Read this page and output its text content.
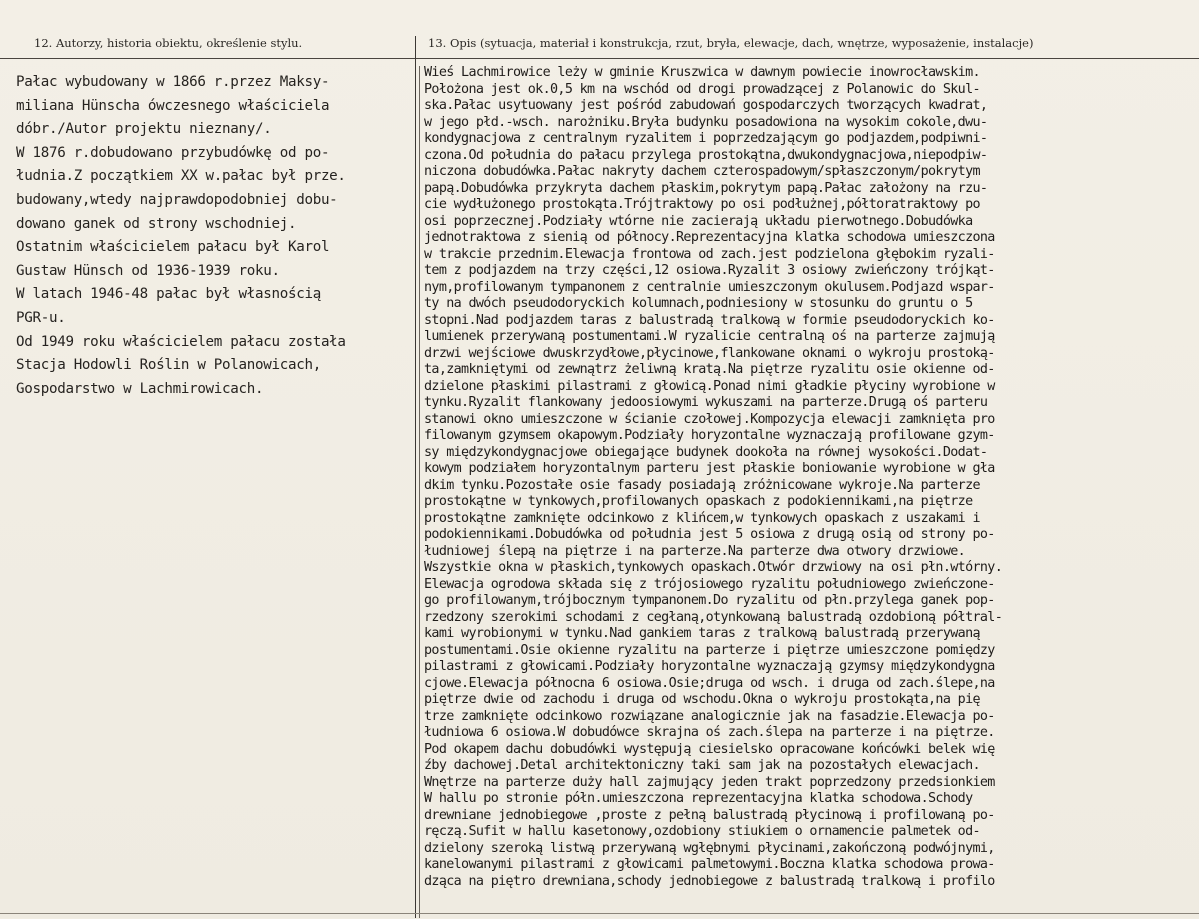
12. Autorzy, historia obiektu, określenie stylu.	13. Opis (sytuacja, materiał i konstrukcja, rzut, bryła, elewacje, dach, wnętrze, wyposażenie, instalacje)
Pałac wybudowany w 1866 r.przez Maksy-
miliana Hünscha ówczesnego właściciela
dóbr./Autor projektu nieznany/.
W 1876 r.dobudowano przybudówkę od po-
łudnia.Z początkiem XX w.pałac był prze.
budowany,wtedy najprawdopodobniej dobu-
dowano ganek od strony wschodniej.
Ostatnim właścicielem pałacu był Karol
Gustaw Hünsch od 1936-1939 roku.
W latach 1946-48 pałac był własnością
PGR-u.
Od 1949 roku właścicielem pałacu została
Stacja Hodowli Roślin w Polanowicach,
Gospodarstwo w Lachmirowicach.
Wieś Lachmirowice leży w gminie Kruszwica w dawnym powiecie inowrocławskim.
Położona jest ok.0,5 km na wschód od drogi prowadzącej z Polanowic do Skul-
ska.Pałac usytuowany jest pośród zabudowań gospodarczych tworzących kwadrat,
w jego płd.-wsch. narożniku.Bryła budynku posadowiona na wysokim cokole,dwu-
kondygnacjowa z centralnym ryzalitem i poprzedzającym go podjazdem,podpiwni-
czona.Od południa do pałacu przylega prostokątna,dwukondygnacjowa,niepodpiw-
niczona dobudówka.Pałac nakryty dachem czterospadowym/spłaszczonym/pokrytym
papą.Dobudówka przykryta dachem płaskim,pokrytym papą.Pałac założony na rzu-
cie wydłużonego prostokąta.Trójtraktowy po osi podłużnej,półtoratraktowy po
osi poprzecznej.Podziały wtórne nie zacierają układu pierwotnego.Dobudówka
jednotraktowa z sienią od północy.Reprezentacyjna klatka schodowa umieszczona
w trakcie przednim.Elewacja frontowa od zach.jest podzielona głębokim ryzali-
tem z podjazdem na trzy części,12 osiowa.Ryzalit 3 osiowy zwieńczony trójkąt-
nym,profilowanym tympanonem z centralnie umieszczonym okulusem.Podjazd wspar-
ty na dwóch pseudodoryckich kolumnach,podniesiony w stosunku do gruntu o 5
stopni.Nad podjazdem taras z balustradą tralkową w formie pseudodoryckich ko-
lumienek przerywaną postumentami.W ryzalicie centralną oś na parterze zajmują
drzwi wejściowe dwuskrzydłowe,płycinowe,flankowane oknami o wykroju prostoką-
ta,zamkniętymi od zewnątrz żeliwną kratą.Na piętrze ryzalitu osie okienne od-
dzielone płaskimi pilastrami z głowicą.Ponad nimi gładkie płyciny wyrobione w
tynku.Ryzalit flankowany jedoosiowymi wykuszami na parterze.Drugą oś parteru
stanowi okno umieszczone w ścianie czołowej.Kompozycja elewacji zamknięta pro
filowanym gzymsem okapowym.Podziały horyzontalne wyznaczają profilowane gzym-
sy międzykondygnacjowe obiegające budynek dookoła na równej wysokości.Dodat-
kowym podziałem horyzontalnym parteru jest płaskie boniowanie wyrobione w gła
dkim tynku.Pozostałe osie fasady posiadają zróżnicowane wykroje.Na parterze
prostokątne w tynkowych,profilowanych opaskach z podokiennikami,na piętrze
prostokątne zamknięte odcinkowo z klińcem,w tynkowych opaskach z uszakami i
podokiennikami.Dobudówka od południa jest 5 osiowa z drugą osią od strony po-
łudniowej ślepą na piętrze i na parterze.Na parterze dwa otwory drzwiowe.
Wszystkie okna w płaskich,tynkowych opaskach.Otwór drzwiowy na osi płn.wtórny.
Elewacja ogrodowa składa się z trójosiowego ryzalitu południowego zwieńczone-
go profilowanym,trójbocznym tympanonem.Do ryzalitu od płn.przylega ganek pop-
rzedzony szerokimi schodami z cegłaną,otynkowaną balustradą ozdobioną półtral-
kami wyrobionymi w tynku.Nad gankiem taras z tralkową balustradą przerywaną
postumentami.Osie okienne ryzalitu na parterze i piętrze umieszczone pomiędzy
pilastrami z głowicami.Podziały horyzontalne wyznaczają gzymsy międzykondygna
cjowe.Elewacja północna 6 osiowa.Osie;druga od wsch. i druga od zach.ślepe,na
piętrze dwie od zachodu i druga od wschodu.Okna o wykroju prostokąta,na pię
trze zamknięte odcinkowo rozwiązane analogicznie jak na fasadzie.Elewacja po-
łudniowa 6 osiowa.W dobudówce skrajna oś zach.ślepa na parterze i na piętrze.
Pod okapem dachu dobudówki występują ciesielsko opracowane końcówki belek wię
źby dachowej.Detal architektoniczny taki sam jak na pozostałych elewacjach.
Wnętrze na parterze duży hall zajmujący jeden trakt poprzedzony przedsionkiem
W hallu po stronie półn.umieszczona reprezentacyjna klatka schodowa.Schody
drewniane jednobiegowe ,proste z pełną balustradą płycinową i profilowaną po-
ręczą.Sufit w hallu kasetonowy,ozdobiony stiukiem o ornamencie palmetek od-
dzielony szeroką listwą przerywaną wgłębnymi płycinami,zakończoną podwójnymi,
kanelowanymi pilastrami z głowicami palmetowymi.Boczna klatka schodowa prowa-
dząca na piętro drewniana,schody jednobiegowe z balustradą tralkową i profilo
